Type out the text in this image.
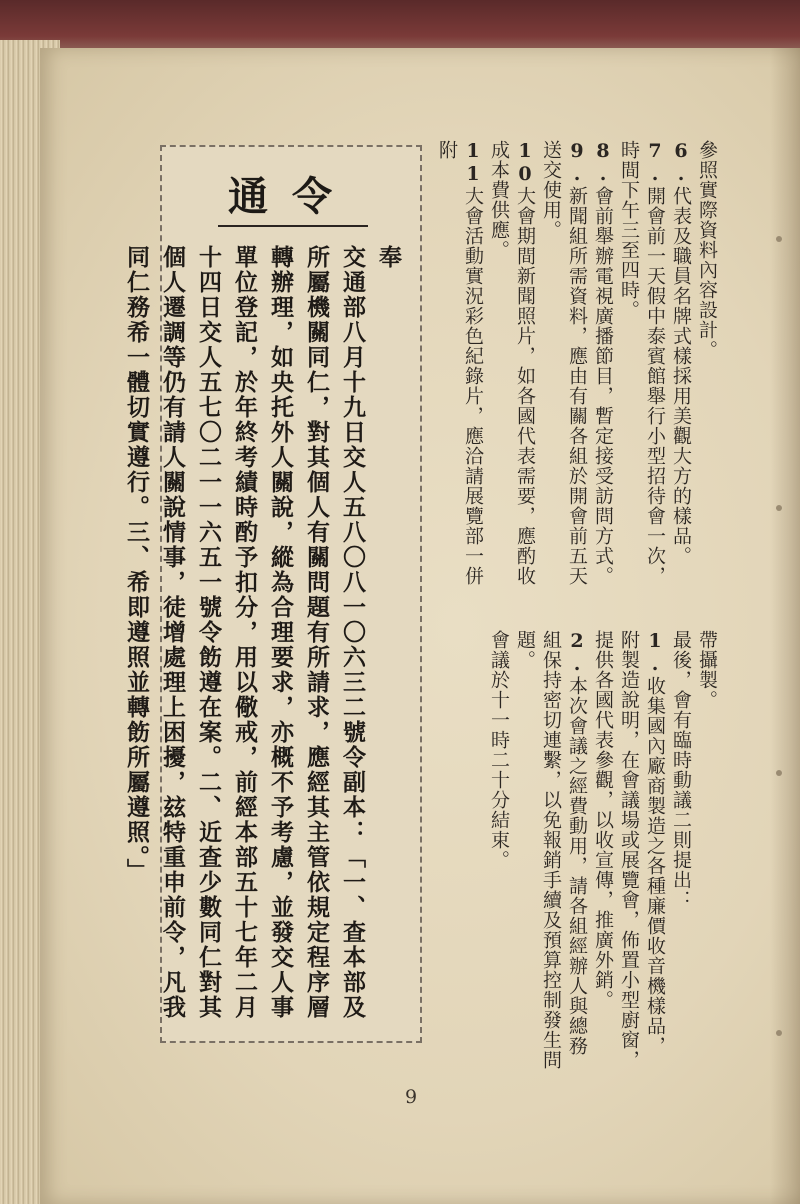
通令

奉

交通部八月十九日交人五八〇八一〇六三二號令副本：「一、查本部及所屬機關同仁，對其個人有關問題有所請求，應經其主管依規定程序層轉辦理，如央托外人關說，縱為合理要求，亦概不予考慮，並發交人事單位登記，於年終考績時酌予扣分，用以儆戒，前經本部五十七年二月十四日交人五七〇二一一六五一號令飭遵在案。二、近查少數同仁對其個人遷調等仍有請人關說情事，徒增處理上困擾，玆特重申前令，凡我同仁務希一體切實遵行。三、希即遵照並轉飭所屬遵照。」	參照實際資料內容設計。

6.代表及職員名牌式樣採用美觀大方的樣品。

7.開會前一天假中泰賓館舉行小型招待會一次，時間下午三至四時。

8.會前舉辦電視廣播節目，暫定接受訪問方式。

9.新聞組所需資料，應由有關各組於開會前五天送交使用。

10大會期間新聞照片，如各國代表需要，應酌收成本費供應。

11大會活動實況彩色紀錄片，應洽請展覽部一併附

帶攝製。

最後，會有臨時動議二則提出：

1.收集國內廠商製造之各種廉價收音機樣品，附製造說明，在會議場或展覽會，佈置小型廚窗，提供各國代表參觀，以收宣傳，推廣外銷。

2.本次會議之經費動用，請各組經辦人與總務組保持密切連繫，以免報銷手續及預算控制發生問題。

會議於十一時二十分結束。

9
